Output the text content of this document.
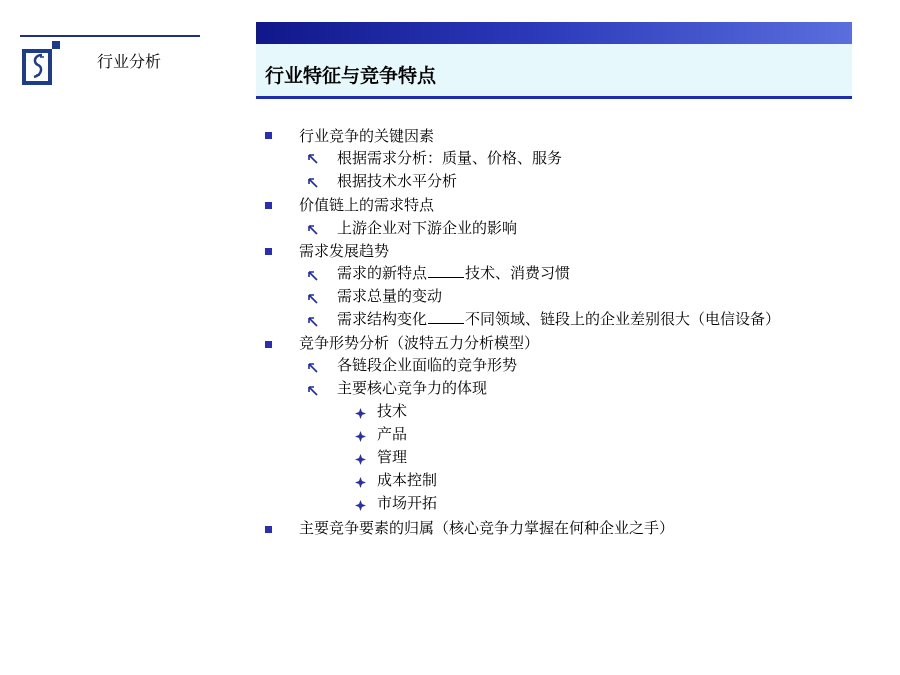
行业分析
行业特征与竞争特点
行业竞争的关键因素
根据需求分析：质量、价格、服务
根据技术水平分析
价值链上的需求特点
上游企业对下游企业的影响
需求发展趋势
需求的新特点	技术、消费习惯
需求总量的变动
需求结构变化	不同领域、链段上的企业差别很大（电信设备）
竞争形势分析（波特五力分析模型）
各链段企业面临的竞争形势
主要核心竞争力的体现
技术
产品
管理
成本控制
市场开拓
主要竞争要素的归属（核心竞争力掌握在何种企业之手）
